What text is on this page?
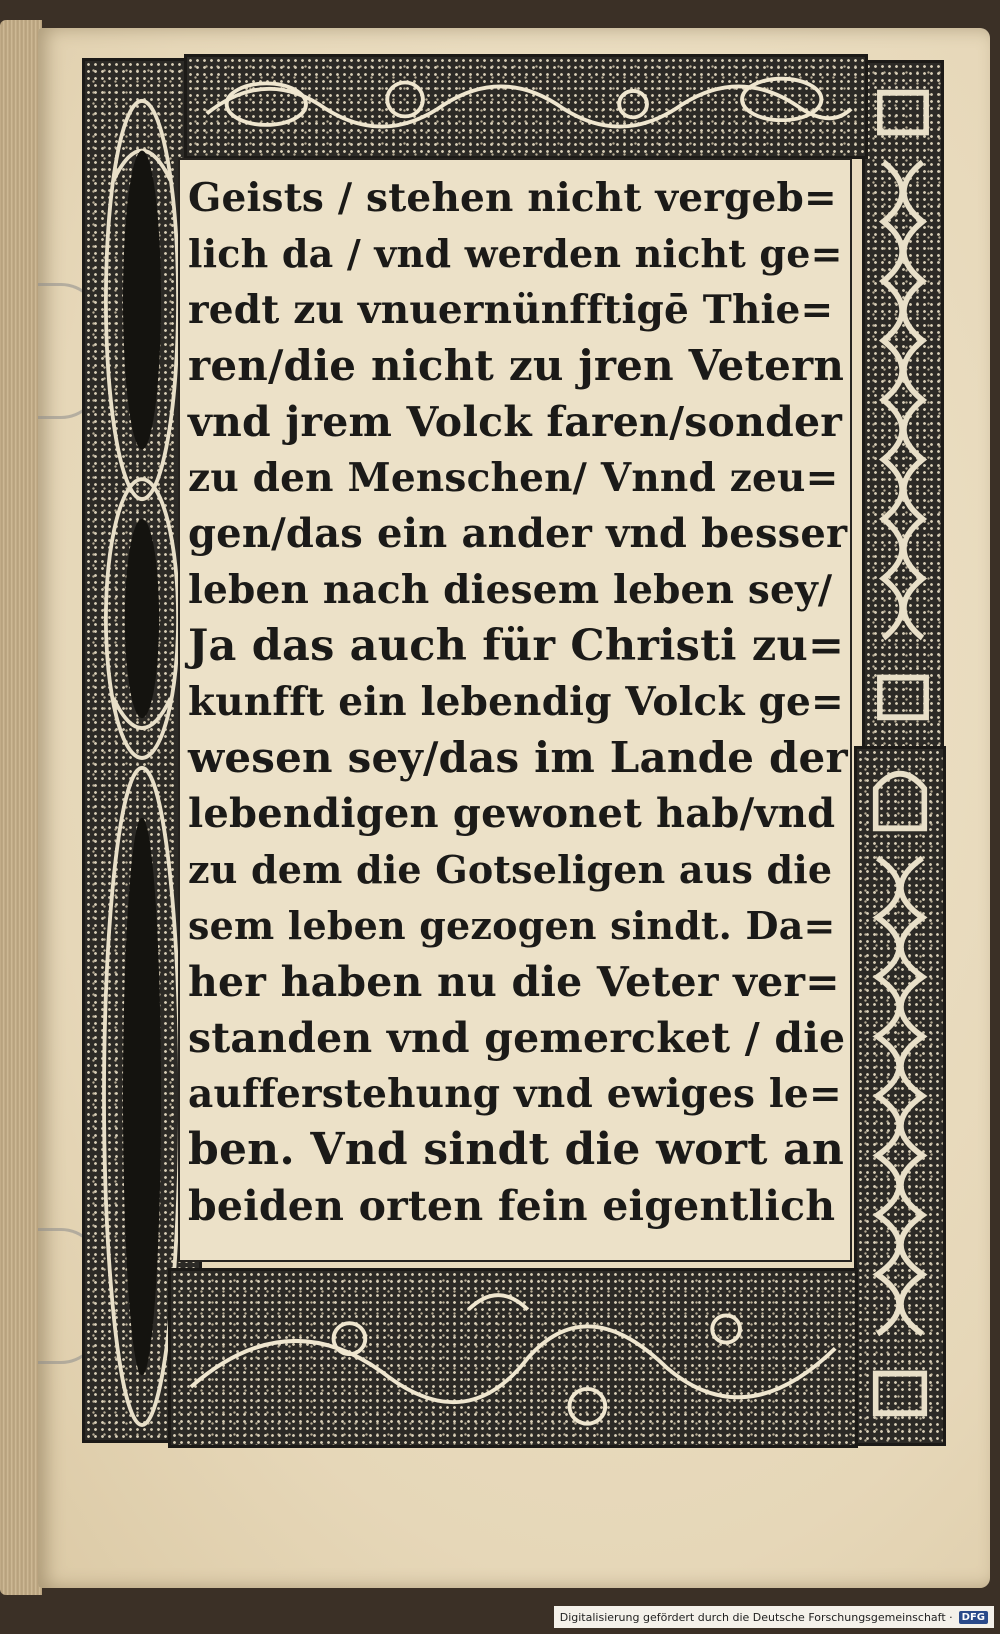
Geists / stehen nicht vergeb=
lich da / vnd werden nicht ge=
redt zu vnuernünfftigē Thie=
ren/die nicht zu jren Vetern
vnd jrem Volck faren/sonder
zu den Menschen/ Vnnd zeu=
gen/das ein ander vnd besser
leben nach diesem leben sey/
Ja das auch für Christi zu=
kunfft ein lebendig Volck ge=
wesen sey/das im Lande der
lebendigen gewonet hab/vnd
zu dem die Gotseligen aus die
sem leben gezogen sindt. Da=
her haben nu die Veter ver=
standen vnd gemercket / die
aufferstehung vnd ewiges le=
ben. Vnd sindt die wort an
beiden orten fein eigentlich
Digitalisierung gefördert durch die Deutsche Forschungsgemeinschaft · DFG
